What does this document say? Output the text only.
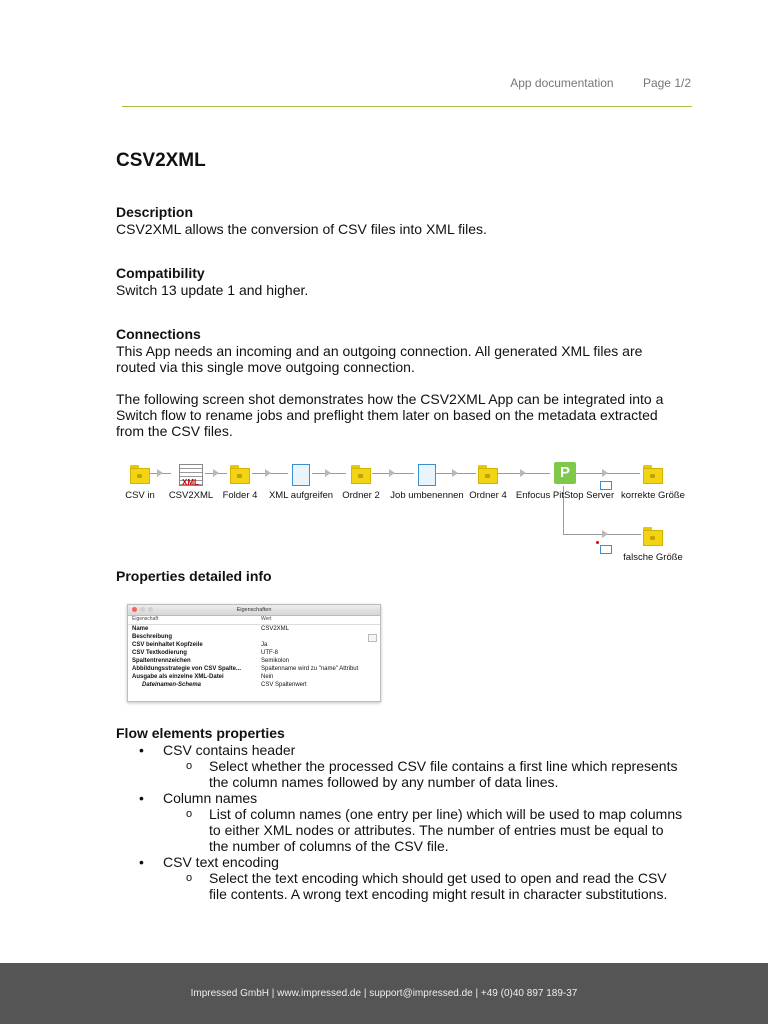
App documentation Page 1/2
CSV2XML

Description

CSV2XML allows the conversion of CSV files into XML files.

Compatibility

Switch 13 update 1 and higher.

Connections

This App needs an incoming and an outgoing connection. All generated XML files are

routed via this single move outgoing connection.

The following screen shot demonstrates how the CSV2XML App can be integrated into a

Switch flow to rename jobs and preflight them later on based on the metadata extracted

from the CSV files.

CSV in
XML
CSV2XML Folder 4 XML aufgreifen Ordner 2 Job umbenennen Ordner 4
P
Enfocus PitStop Server korrekte Größe
falsche Größe

Properties detailed info

Eigenschaften
Eigenschaft	Wert
Name	CSV2XML
Beschreibung
CSV beinhaltet Kopfzeile	Ja
CSV Textkodierung	UTF-8
Spaltentrennzeichen	Semikolon
Abbildungsstrategie von CSV Spalte...	Spaltenname wird zu "name" Attribut
Ausgabe als einzelne XML-Datei	Nein
Dateinamen-Schema	CSV Spaltenwert

Flow elements properties

• CSV contains header

o Select whether the processed CSV file contains a first line which represents
the column names followed by any number of data lines.

• Column names

o List of column names (one entry per line) which will be used to map columns
to either XML nodes or attributes. The number of entries must be equal to
the number of columns of the CSV file.

• CSV text encoding

o Select the text encoding which should get used to open and read the CSV
file contents. A wrong text encoding might result in character substitutions.

Impressed GmbH | www.impressed.de | support@impressed.de | +49 (0)40 897 189-37
